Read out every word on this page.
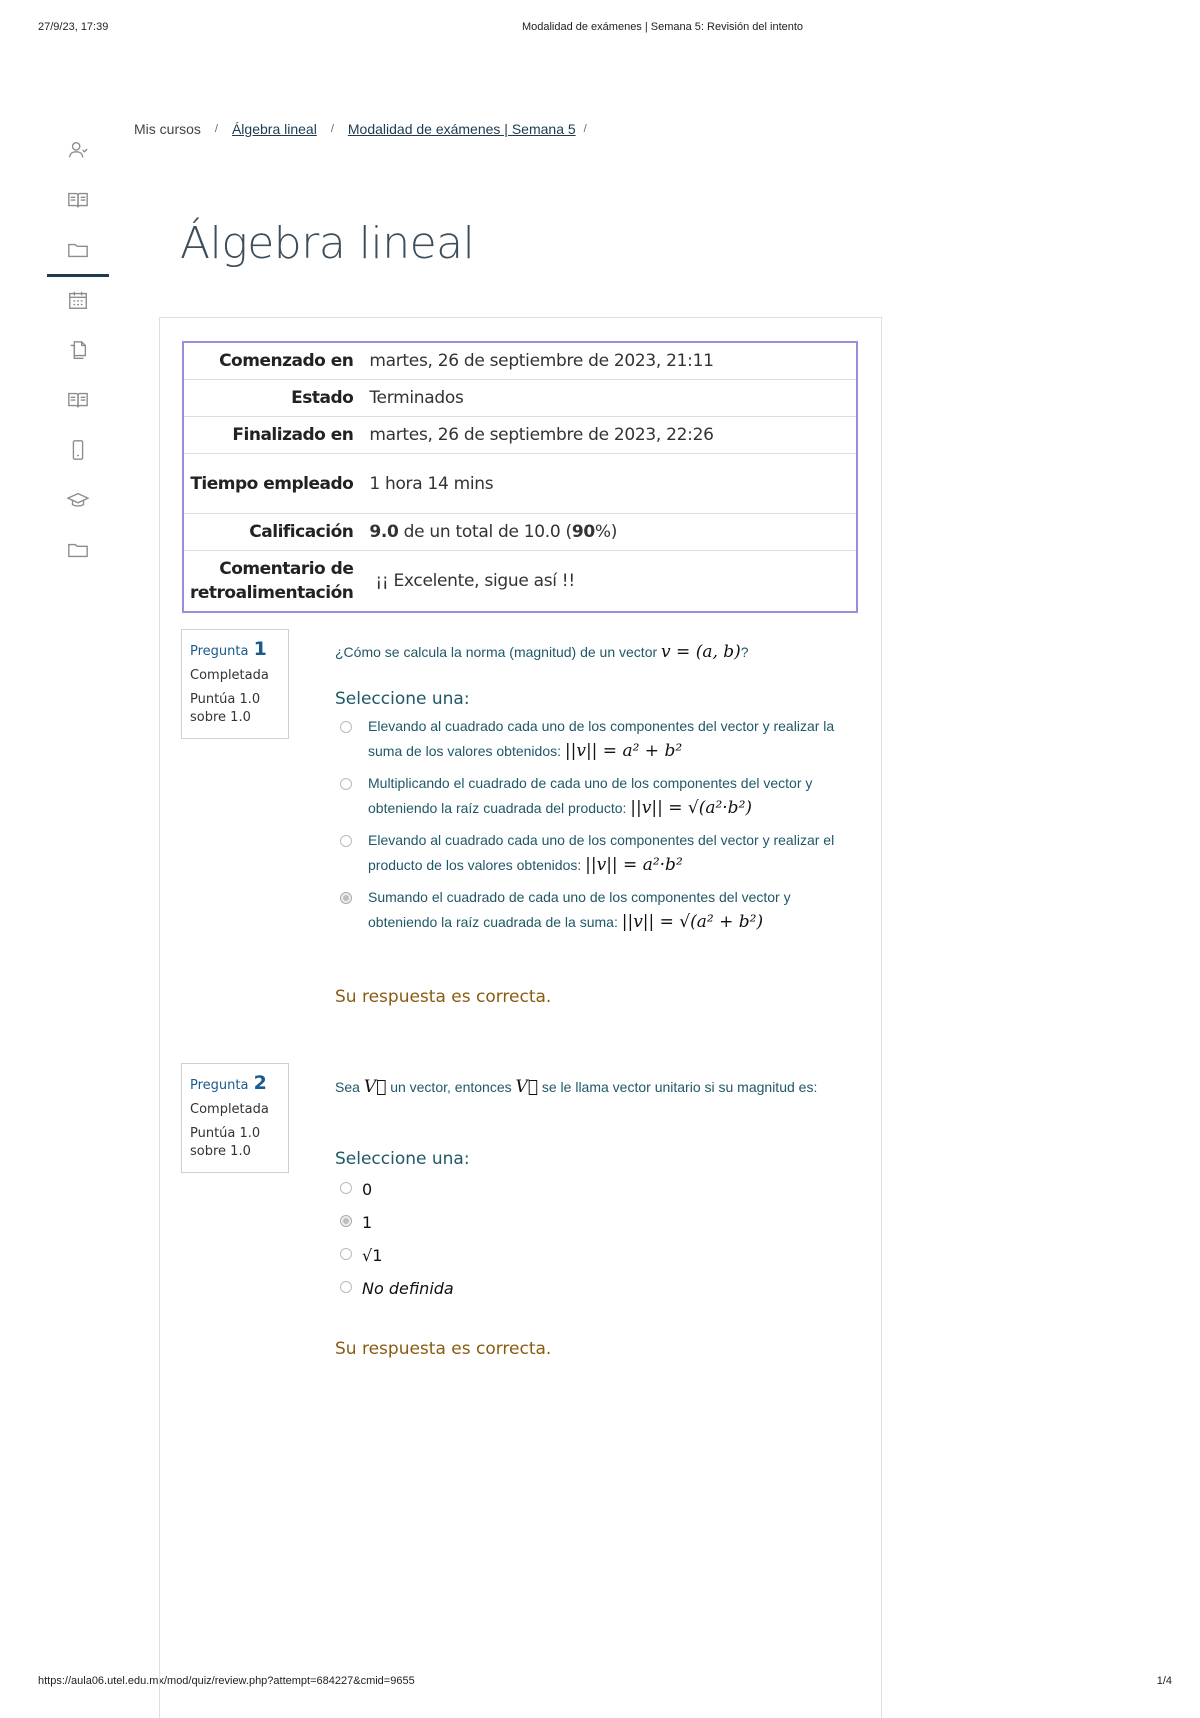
27/9/23, 17:39	Modalidad de exámenes | Semana 5: Revisión del intento
https://aula06.utel.edu.mx/mod/quiz/review.php?attempt=684227&cmid=9655	1/4
Mis cursos / Álgebra lineal / Modalidad de exámenes | Semana 5 /
Álgebra lineal
Comenzado en	martes, 26 de septiembre de 2023, 21:11
Estado	Terminados
Finalizado en	martes, 26 de septiembre de 2023, 22:26
Tiempo empleado	1 hora 14 mins
Calificación	9.0 de un total de 10.0 (90%)
Comentario de retroalimentación	¡¡ Excelente, sigue así !!
Pregunta 1
Completada
Puntúa 1.0 sobre 1.0
¿Cómo se calcula la norma (magnitud) de un vector v = (a, b)?
Seleccione una:
Elevando al cuadrado cada uno de los componentes del vector y realizar la suma de los valores obtenidos: ||v|| = a² + b²
Multiplicando el cuadrado de cada uno de los componentes del vector y obteniendo la raíz cuadrada del producto: ||v|| = √(a²·b²)
Elevando al cuadrado cada uno de los componentes del vector y realizar el producto de los valores obtenidos: ||v|| = a²·b²
Sumando el cuadrado de cada uno de los componentes del vector y obteniendo la raíz cuadrada de la suma: ||v|| = √(a² + b²)
Su respuesta es correcta.
Pregunta 2
Completada
Puntúa 1.0 sobre 1.0
Sea V⃗ un vector, entonces V⃗ se le llama vector unitario si su magnitud es:
Seleccione una:
0
1
√1
No definida
Su respuesta es correcta.
